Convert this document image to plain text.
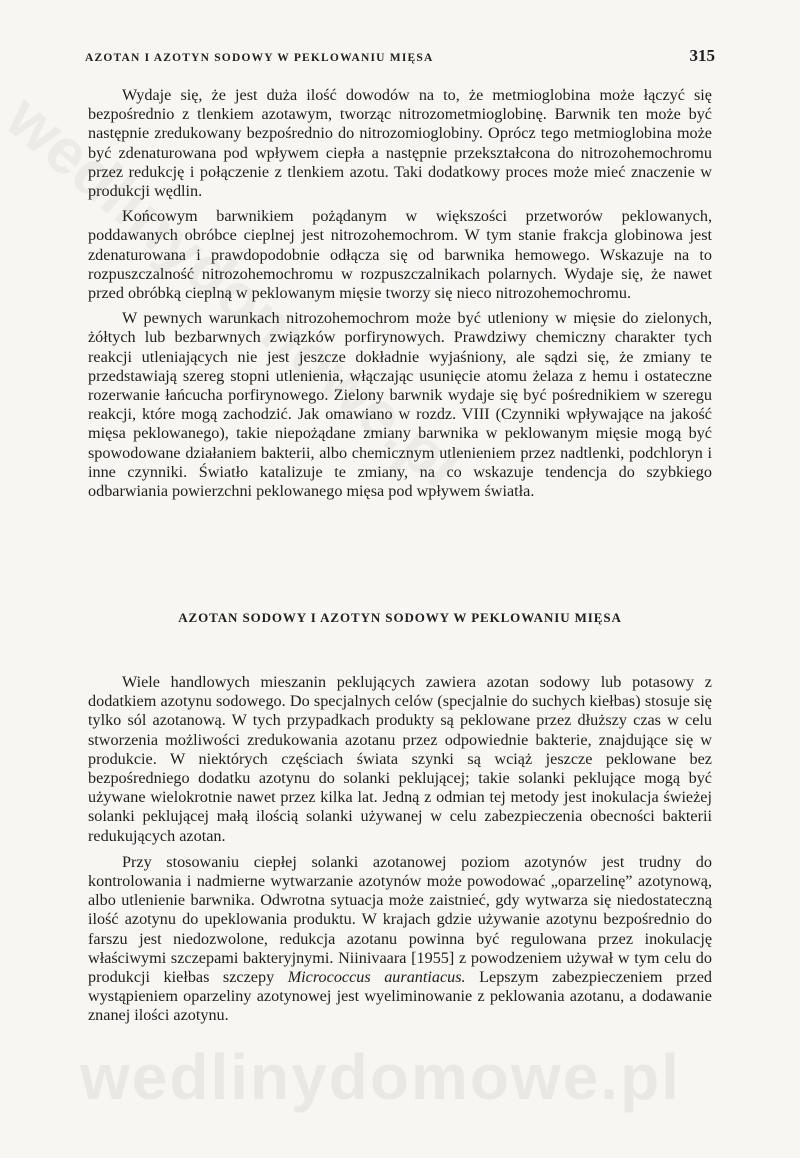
wedlinydomowe.pl
AZOTAN I AZOTYN SODOWY W PEKLOWANIU MIĘSA	315

Wydaje się, że jest duża ilość dowodów na to, że metmioglobina może łączyć się bezpośrednio z tlenkiem azotawym, tworząc nitrozometmioglobinę. Barwnik ten może być następnie zredukowany bezpośrednio do nitrozomioglobiny. Oprócz tego metmioglobina może być zdenaturowana pod wpływem ciepła a następnie przekształcona do nitrozohemochromu przez redukcję i połączenie z tlenkiem azotu. Taki dodatkowy proces może mieć znaczenie w produkcji wędlin.

Końcowym barwnikiem pożądanym w większości przetworów peklowanych, poddawanych obróbce cieplnej jest nitrozohemochrom. W tym stanie frakcja globinowa jest zdenaturowana i prawdopodobnie odłącza się od barwnika hemowego. Wskazuje na to rozpuszczalność nitrozohemochromu w rozpuszczalnikach polarnych. Wydaje się, że nawet przed obróbką cieplną w peklowanym mięsie tworzy się nieco nitrozohemochromu.

W pewnych warunkach nitrozohemochrom może być utleniony w mięsie do zielonych, żółtych lub bezbarwnych związków porfirynowych. Prawdziwy chemiczny charakter tych reakcji utleniających nie jest jeszcze dokładnie wyjaśniony, ale sądzi się, że zmiany te przedstawiają szereg stopni utlenienia, włączając usunięcie atomu żelaza z hemu i ostateczne rozerwanie łańcucha porfirynowego. Zielony barwnik wydaje się być pośrednikiem w szeregu reakcji, które mogą zachodzić. Jak omawiano w rozdz. VIII (Czynniki wpływające na jakość mięsa peklowanego), takie niepożądane zmiany barwnika w peklowanym mięsie mogą być spowodowane działaniem bakterii, albo chemicznym utlenieniem przez nadtlenki, podchloryn i inne czynniki. Światło katalizuje te zmiany, na co wskazuje tendencja do szybkiego odbarwiania powierzchni peklowanego mięsa pod wpływem światła.

AZOTAN SODOWY I AZOTYN SODOWY W PEKLOWANIU MIĘSA

Wiele handlowych mieszanin peklujących zawiera azotan sodowy lub potasowy z dodatkiem azotynu sodowego. Do specjalnych celów (specjalnie do suchych kiełbas) stosuje się tylko sól azotanową. W tych przypadkach produkty są peklowane przez dłuższy czas w celu stworzenia możliwości zredukowania azotanu przez odpowiednie bakterie, znajdujące się w produkcie. W niektórych częściach świata szynki są wciąż jeszcze peklowane bez bezpośredniego dodatku azotynu do solanki peklującej; takie solanki peklujące mogą być używane wielokrotnie nawet przez kilka lat. Jedną z odmian tej metody jest inokulacja świeżej solanki peklującej małą ilością solanki używanej w celu zabezpieczenia obecności bakterii redukujących azotan.

Przy stosowaniu ciepłej solanki azotanowej poziom azotynów jest trudny do kontrolowania i nadmierne wytwarzanie azotynów może powodować „oparzelinę” azotynową, albo utlenienie barwnika. Odwrotna sytuacja może zaistnieć, gdy wytwarza się niedostateczną ilość azotynu do upeklowania produktu. W krajach gdzie używanie azotynu bezpośrednio do farszu jest niedozwolone, redukcja azotanu powinna być regulowana przez inokulację właściwymi szczepami bakteryjnymi. Niinivaara [1955] z powodzeniem używał w tym celu do produkcji kiełbas szczepy Micrococcus aurantiacus. Lepszym zabezpieczeniem przed wystąpieniem oparzeliny azotynowej jest wyeliminowanie z peklowania azotanu, a dodawanie znanej ilości azotynu.
